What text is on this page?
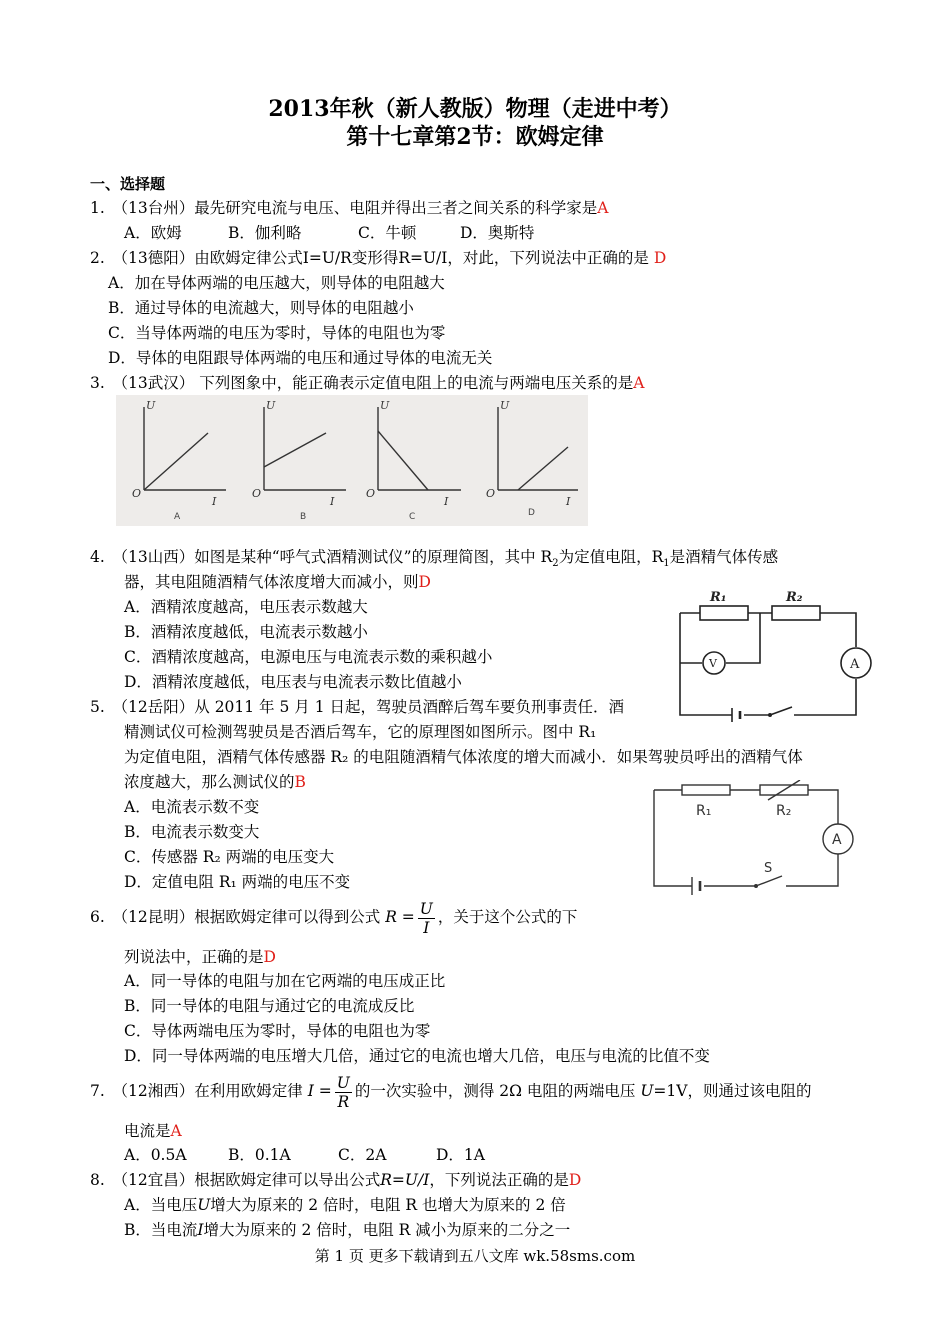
2013年秋（新人教版）物理（走进中考）
第十七章第2节：欧姆定律
一、选择题
1.　（13台州）最先研究电流与电压、电阻并得出三者之间关系的科学家是A
A．欧姆	B．伽利略	C．牛顿	D．奥斯特
2.　（13德阳）由欧姆定律公式I=U/R变形得R=U/I，对此，下列说法中正确的是 D
A．加在导体两端的电压越大，则导体的电阻越大
B．通过导体的电流越大，则导体的电阻越小
C．当导体两端的电压为零时，导体的电阻也为零
D．导体的电阻跟导体两端的电压和通过导体的电流无关
3.　（13武汉） 下列图象中，能正确表示定值电阻上的电流与两端电压关系的是A
U
I
O
U
I
O
U
I
O
U
I
O
A	B	C	D
4.　（13山西）如图是某种“呼气式酒精测试仪”的原理简图，其中 $R_2$为定值电阻，$R_1$是酒精气体传感
器，其电阻随酒精气体浓度增大而减小，则D
A．酒精浓度越高，电压表示数越大
B．酒精浓度越低，电流表示数越小
C．酒精浓度越高，电源电压与电流表示数的乘积越小
D．酒精浓度越低，电压表与电流表示数比值越小
R₁	R₂
V	A
5.　（12岳阳）从 2011 年 5 月 1 日起，驾驶员酒醉后驾车要负刑事责任．酒
精测试仪可检测驾驶员是否酒后驾车，它的原理图如图所示。图中 R₁
为定值电阻，酒精气体传感器 R₂ 的电阻随酒精气体浓度的增大而减小．如果驾驶员呼出的酒精气体
浓度越大，那么测试仪的B
A．电流表示数不变
B．电流表示数变大
C．传感器 R₂ 两端的电压变大
D．定值电阻 R₁ 两端的电压不变
R₁	R₂
A
S
6.　（12昆明）根据欧姆定律可以得到公式 $R = \frac{U}{I}$ ，关于这个公式的下
列说法中，正确的是D
A．同一导体的电阻与加在它两端的电压成正比
B．同一导体的电阻与通过它的电流成反比
C．导体两端电压为零时，导体的电阻也为零
D．同一导体两端的电压增大几倍，通过它的电流也增大几倍，电压与电流的比值不变
7.　（12湘西）在利用欧姆定律 $I = \frac{U}{R}$ 的一次实验中，测得 2Ω 电阻的两端电压 U=1V，则通过该电阻的
电流是A
A．0.5A	B．0.1A	C．2A	D．1A
8.　（12宜昌）根据欧姆定律可以导出公式R=U/I，下列说法正确的是D
A．当电压U增大为原来的 2 倍时，电阻 R 也增大为原来的 2 倍
B．当电流I增大为原来的 2 倍时，电阻 R 减小为原来的二分之一
第 1 页 更多下载请到五八文库 wk.58sms.com
